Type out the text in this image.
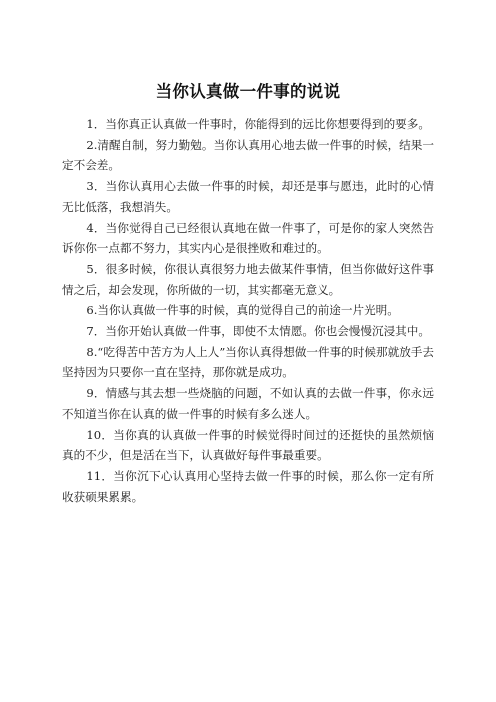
当你认真做一件事的说说

1．当你真正认真做一件事时，你能得到的远比你想要得到的要多。

2.清醒自制，努力勤勉。当你认真用心地去做一件事的时候，结果一定不会差。

3．当你认真用心去做一件事的时候，却还是事与愿违，此时的心情无比低落，我想消失。

4．当你觉得自己已经很认真地在做一件事了，可是你的家人突然告诉你你一点都不努力，其实内心是很挫败和难过的。

5．很多时候，你很认真很努力地去做某件事情，但当你做好这件事情之后，却会发现，你所做的一切，其实都毫无意义。

6.当你认真做一件事的时候，真的觉得自己的前途一片光明。

7．当你开始认真做一件事，即使不太情愿。你也会慢慢沉浸其中。

8.“吃得苦中苦方为人上人”当你认真得想做一件事的时候那就放手去坚持因为只要你一直在坚持，那你就是成功。

9．情感与其去想一些烧脑的问题，不如认真的去做一件事，你永远不知道当你在认真的做一件事的时候有多么迷人。

10．当你真的认真做一件事的时候觉得时间过的还挺快的虽然烦恼真的不少，但是活在当下，认真做好每件事最重要。

11．当你沉下心认真用心坚持去做一件事的时候，那么你一定有所收获硕果累累。
